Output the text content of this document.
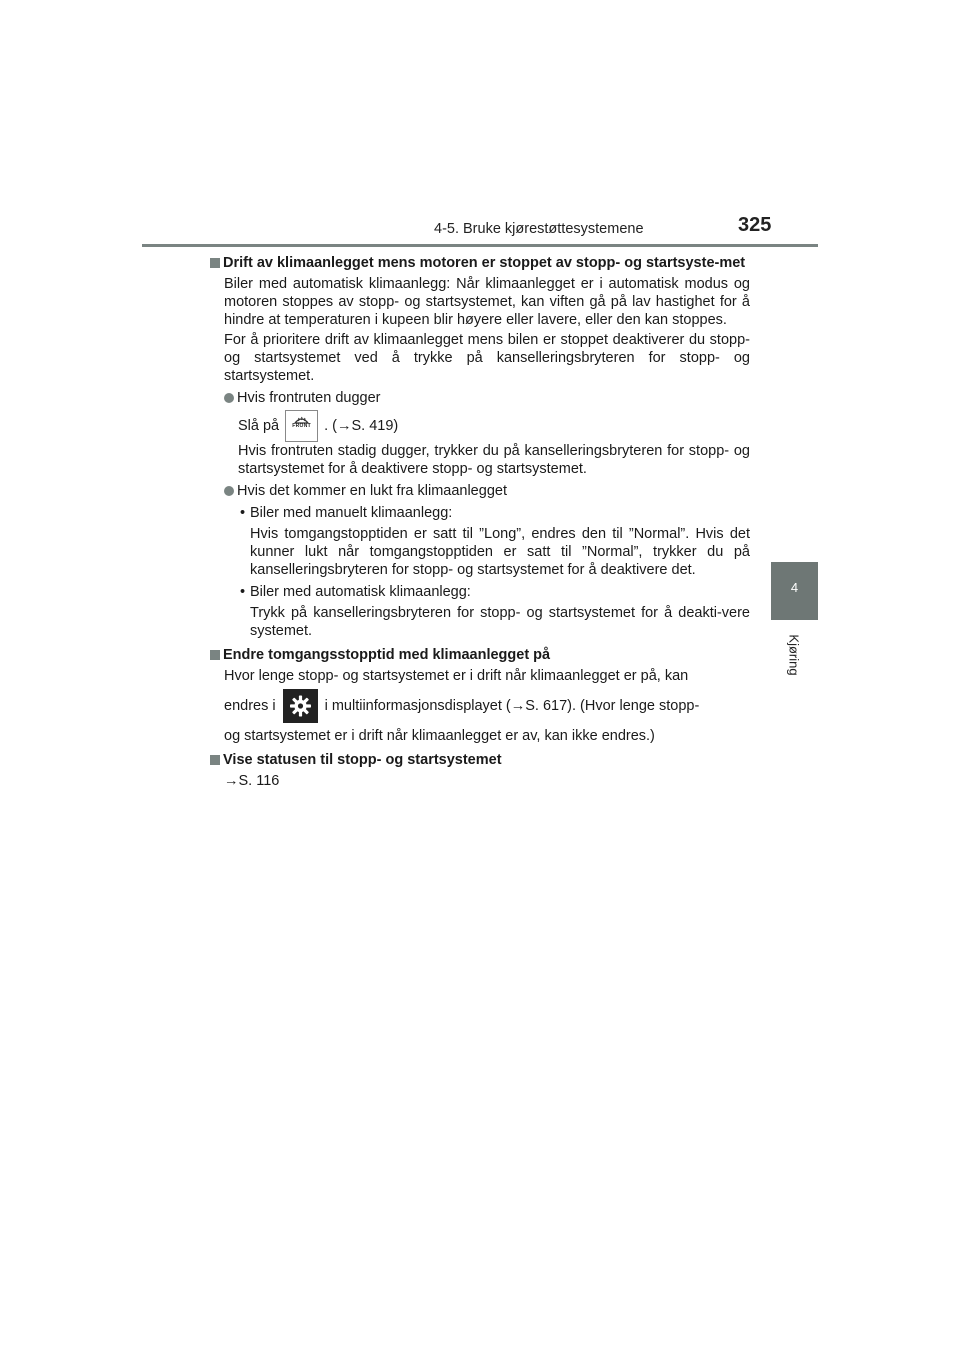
4-5. Bruke kjørestøttesystemene	325
4
Kjøring
Drift av klimaanlegget mens motoren er stoppet av stopp- og startsyste-met
Biler med automatisk klimaanlegg: Når klimaanlegget er i automatisk modus og motoren stoppes av stopp- og startsystemet, kan viften gå på lav hastighet for å hindre at temperaturen i kupeen blir høyere eller lavere, eller den kan stoppes.
For å prioritere drift av klimaanlegget mens bilen er stoppet deaktiverer du stopp- og startsystemet ved å trykke på kanselleringsbryteren for stopp- og startsystemet.
Hvis frontruten dugger
Slå på	FRONT . (→S. 419)
Hvis frontruten stadig dugger, trykker du på kanselleringsbryteren for stopp- og startsystemet for å deaktivere stopp- og startsystemet.
Hvis det kommer en lukt fra klimaanlegget
• Biler med manuelt klimaanlegg:
Hvis tomgangstopptiden er satt til ”Long”, endres den til ”Normal”. Hvis det kunner lukt når tomgangstopptiden er satt til ”Normal”, trykker du på kanselleringsbryteren for stopp- og startsystemet for å deaktivere det.
• Biler med automatisk klimaanlegg:
Trykk på kanselleringsbryteren for stopp- og startsystemet for å deakti-vere systemet.
Endre tomgangsstopptid med klimaanlegget på
Hvor lenge stopp- og startsystemet er i drift når klimaanlegget er på, kan
endres i	i multiinformasjonsdisplayet (→S. 617). (Hvor lenge stopp-
og startsystemet er i drift når klimaanlegget er av, kan ikke endres.)
Vise statusen til stopp- og startsystemet
→S. 116
